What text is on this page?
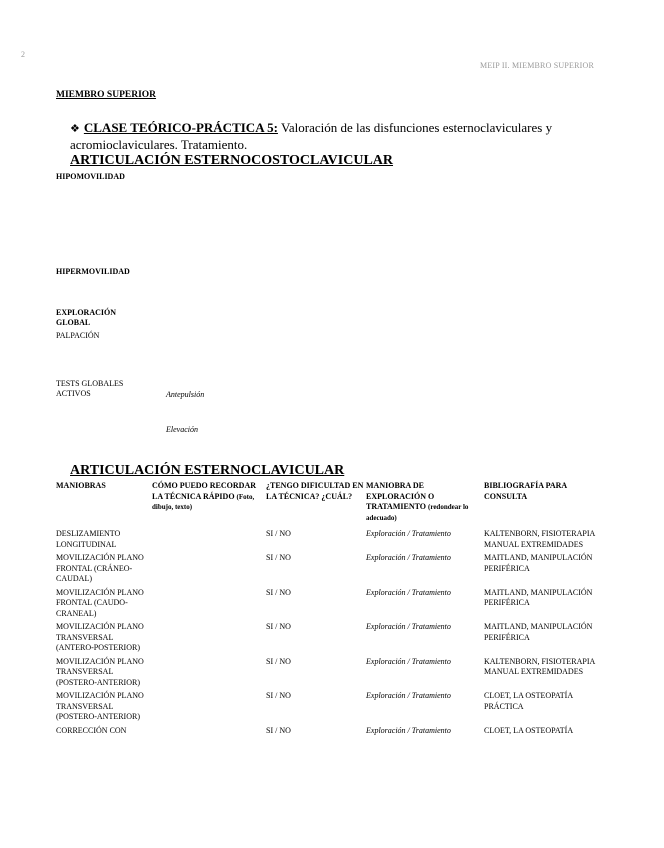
2
MEIP II. MIEMBRO SUPERIOR
MIEMBRO SUPERIOR
❖ CLASE TEÓRICO-PRÁCTICA 5: Valoración de las disfunciones esternoclaviculares y acromioclaviculares. Tratamiento.
ARTICULACIÓN ESTERNOCOSTOCLAVICULAR
HIPOMOVILIDAD
HIPERMOVILIDAD
EXPLORACIÓN GLOBAL
PALPACIÓN
TESTS GLOBALES ACTIVOS	Antepulsión
Elevación
ARTICULACIÓN ESTERNOCLAVICULAR
MANIOBRAS	CÓMO PUEDO RECORDAR LA TÉCNICA RÁPIDO (Foto, dibujo, texto)	¿TENGO DIFICULTAD EN LA TÉCNICA? ¿CUÁL?	MANIOBRA DE EXPLORACIÓN O TRATAMIENTO (redondear lo adecuado)	BIBLIOGRAFÍA PARA CONSULTA
DESLIZAMIENTO LONGITUDINAL		SI / NO	Exploración / Tratamiento	KALTENBORN, FISIOTERAPIA MANUAL EXTREMIDADES
MOVILIZACIÓN PLANO FRONTAL (CRÁNEO-CAUDAL)		SI / NO	Exploración / Tratamiento	MAITLAND, MANIPULACIÓN PERIFÉRICA
MOVILIZACIÓN PLANO FRONTAL (CAUDO-CRANEAL)		SI / NO	Exploración / Tratamiento	MAITLAND, MANIPULACIÓN PERIFÉRICA
MOVILIZACIÓN PLANO TRANSVERSAL (ANTERO-POSTERIOR)		SI / NO	Exploración / Tratamiento	MAITLAND, MANIPULACIÓN PERIFÉRICA
MOVILIZACIÓN PLANO TRANSVERSAL (POSTERO-ANTERIOR)		SI / NO	Exploración / Tratamiento	KALTENBORN, FISIOTERAPIA MANUAL EXTREMIDADES
MOVILIZACIÓN PLANO TRANSVERSAL (POSTERO-ANTERIOR)		SI / NO	Exploración / Tratamiento	CLOET, LA OSTEOPATÍA PRÁCTICA
CORRECCIÓN CON		SI / NO	Exploración / Tratamiento	CLOET, LA OSTEOPATÍA
